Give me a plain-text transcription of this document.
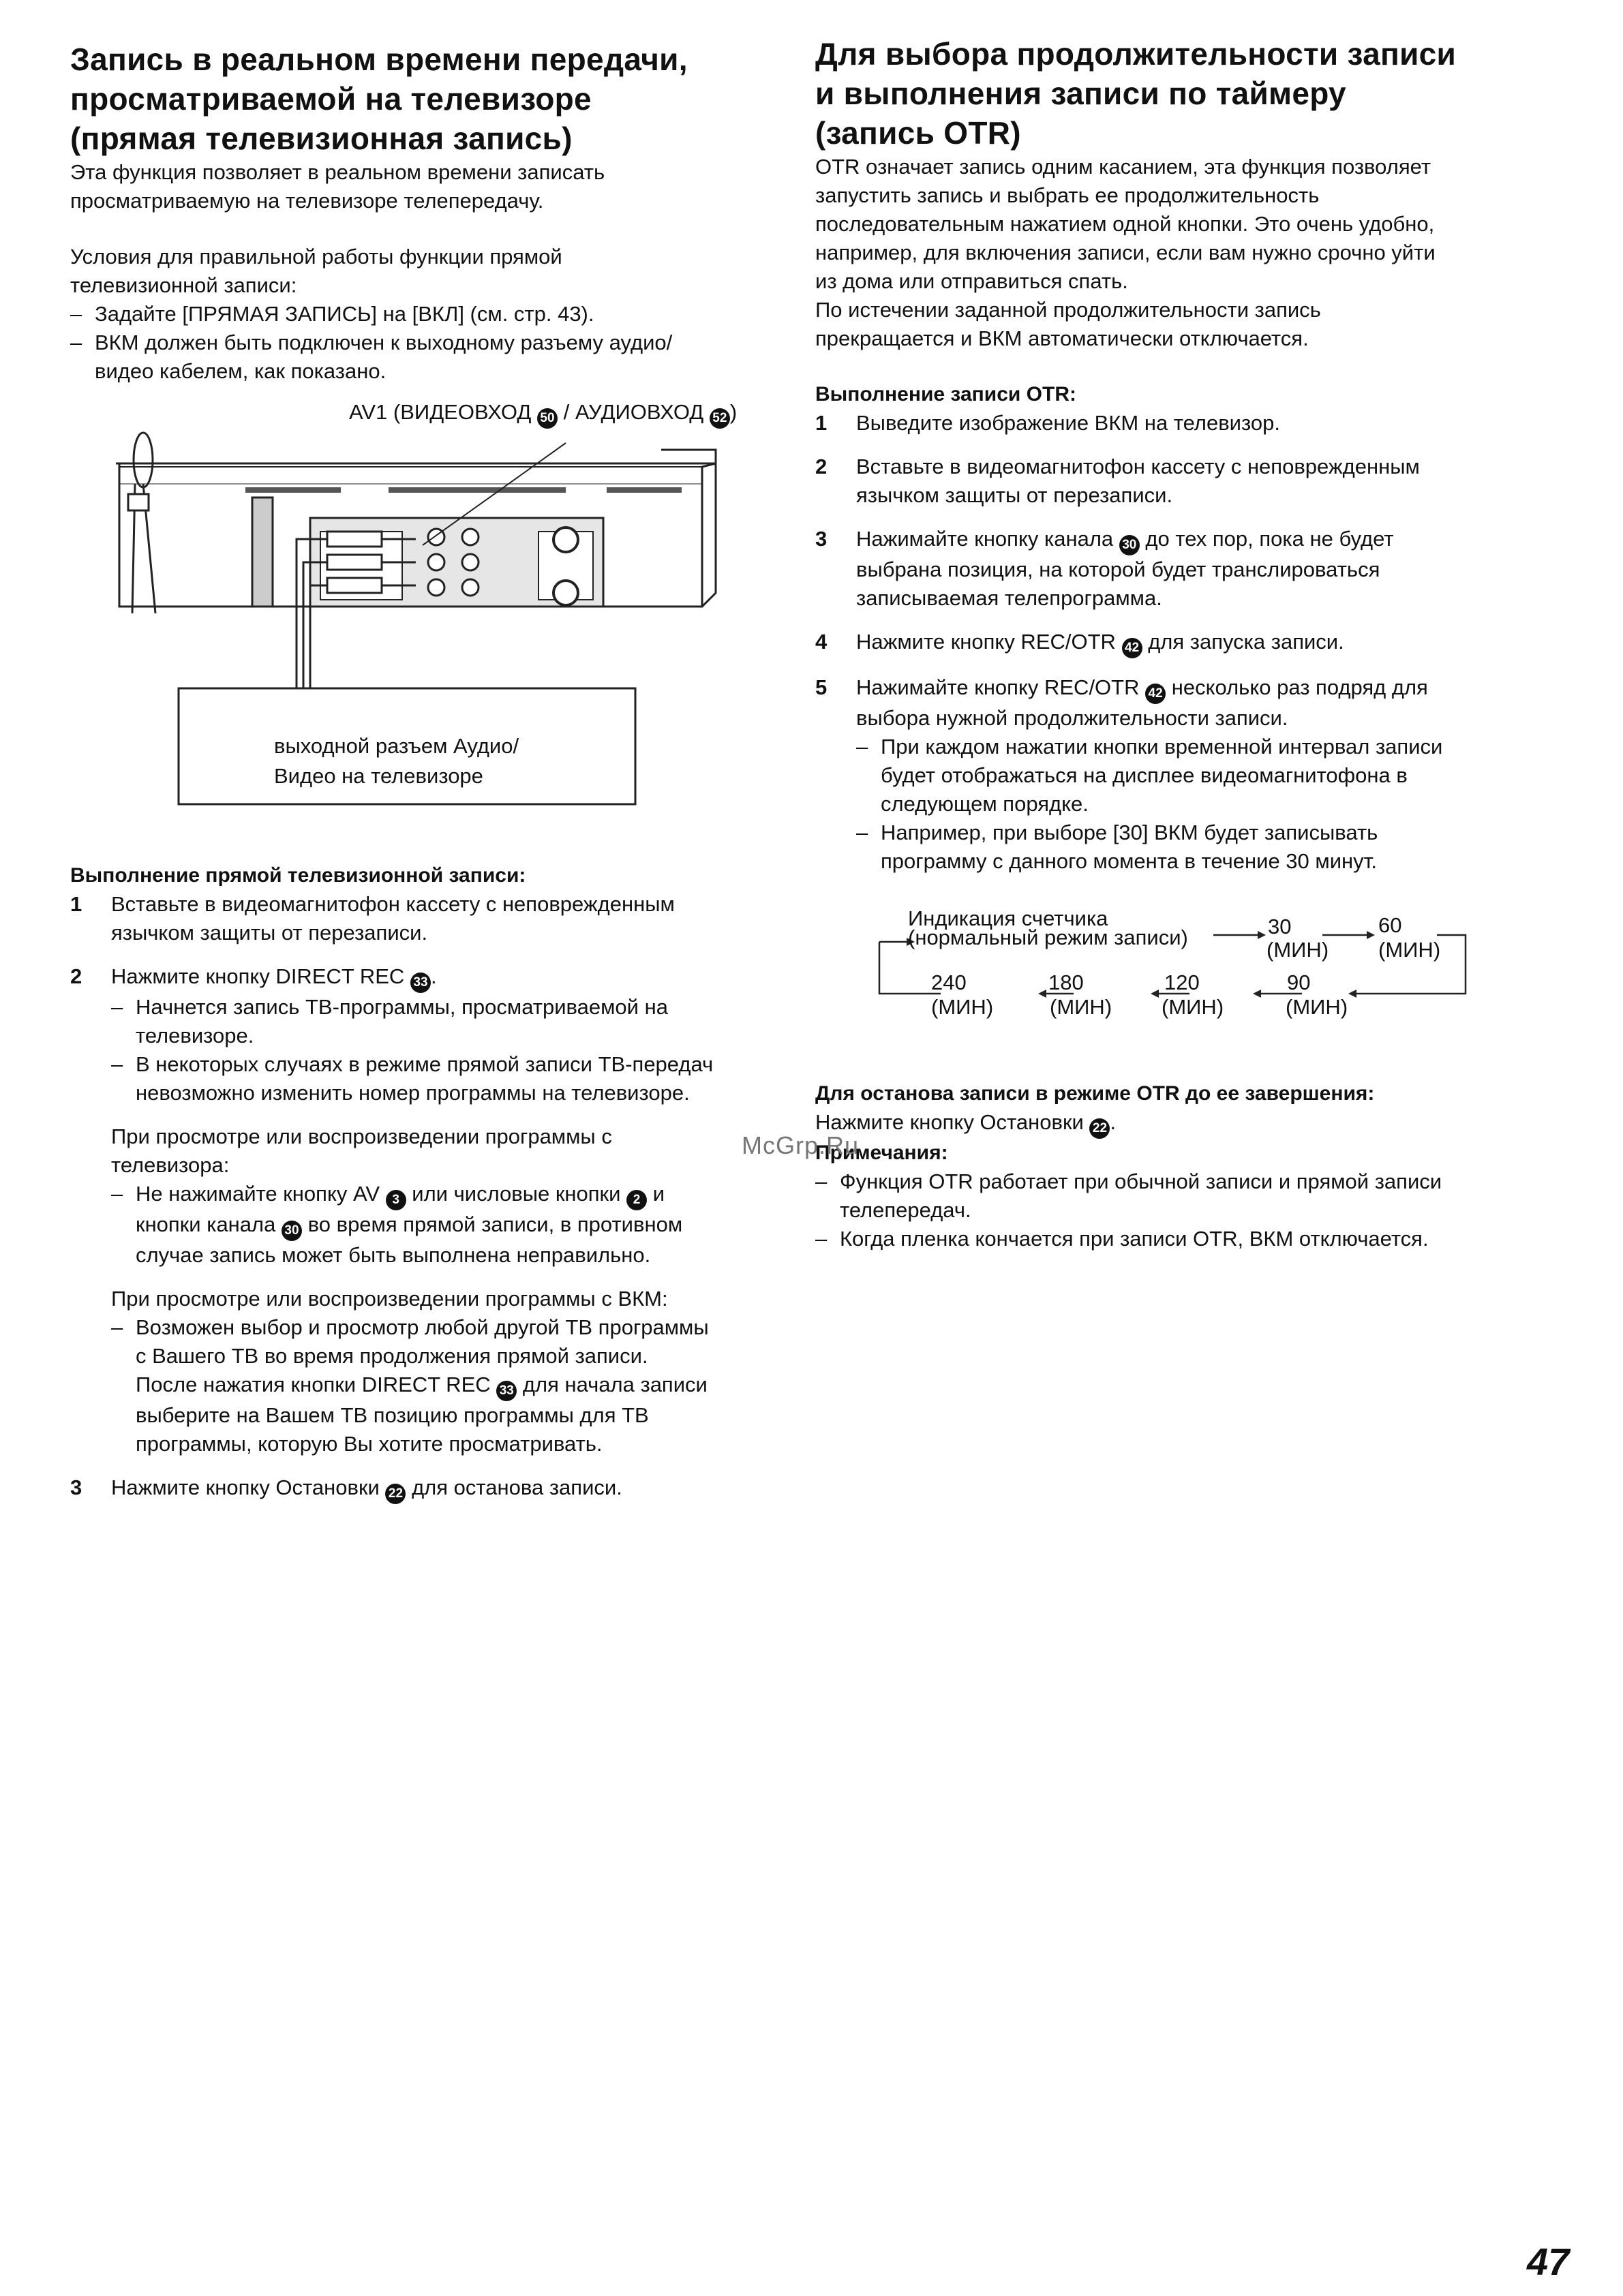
Запись в реальном времени передачи,
просматриваемой на телевизоре
(прямая телевизионная запись)

Эта функция позволяет в реальном времени записать
просматриваемую на телевизоре телепередачу.

Условия для правильной работы функции прямой
телевизионной записи:

– Задайте [ПРЯМАЯ ЗАПИСЬ] на [ВКЛ] (см. стр. 43).
– ВКМ должен быть подключен к выходному разъему аудио/
видео кабелем, как показано.
AV1 (ВИДЕОВХОД 50 / АУДИОВХОД 52 )
выходной разъем Аудио/
Видео на телевизоре

Выполнение прямой телевизионной записи:

1 Вставьте в видеомагнитофон кассету с неповрежденным
язычком защиты от перезаписи.
2 Нажмите кнопку DIRECT REC 33 .
– Начнется запись ТВ-программы, просматриваемой на
телевизоре.
– В некоторых случаях в режиме прямой записи ТВ-передач
невозможно изменить номер программы на телевизоре.

При просмотре или воспроизведении программы с
телевизора:

– Не нажимайте кнопку AV 3 или числовые кнопки 2 и
кнопки канала 30 во время прямой записи, в противном
случае запись может быть выполнена неправильно.

При просмотре или воспроизведении программы с ВКМ:

– Возможен выбор и просмотр любой другой ТВ программы
с Вашего ТВ во время продолжения прямой записи.
После нажатия кнопки DIRECT REC 33 для начала записи
выберите на Вашем ТВ позицию программы для ТВ
программы, которую Вы хотите просматривать.
3 Нажмите кнопку Остановки 22 для останова записи.
Для выбора продолжительности записи
и выполнения записи по таймеру
(запись OTR)

OTR означает запись одним касанием, эта функция позволяет
запустить запись и выбрать ее продолжительность
последовательным нажатием одной кнопки. Это очень удобно,
например, для включения записи, если вам нужно срочно уйти
из дома или отправиться спать.
По истечении заданной продолжительности запись
прекращается и ВКМ автоматически отключается.

Выполнение записи OTR:

1 Выведите изображение ВКМ на телевизор.
2 Вставьте в видеомагнитофон кассету с неповрежденным
язычком защиты от перезаписи.
3 Нажимайте кнопку канала 30 до тех пор, пока не будет
выбрана позиция, на которой будет транслироваться
записываемая телепрограмма.
4 Нажмите кнопку REC/OTR 42 для запуска записи.
5 Нажимайте кнопку REC/OTR 42 несколько раз подряд для
выбора нужной продолжительности записи.
– При каждом нажатии кнопки временной интервал записи
будет отображаться на дисплее видеомагнитофона в
следующем порядке.
– Например, при выборе [30] ВКМ будет записывать
программу с данного момента в течение 30 минут.
Индикация счетчика
(нормальный режим записи)	30
(МИН)
60
(МИН)
90
(МИН)
120
(МИН)
180
(МИН)
240
(МИН)

Для останова записи в режиме OTR до ее завершения:

Нажмите кнопку Остановки 22 .

Примечания:

– Функция OTR работает при обычной записи и прямой записи
телепередач.
– Когда пленка кончается при записи OTR, ВКМ отключается.
McGrp.Ru
47
